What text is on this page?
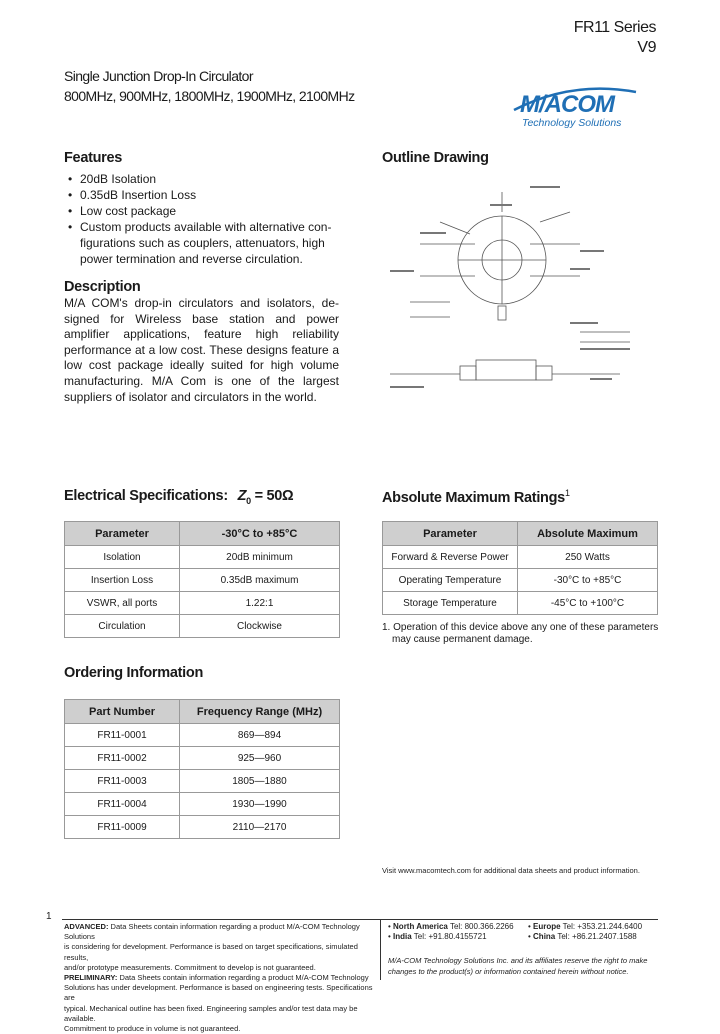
FR11 Series
V9
Single Junction Drop-In Circulator
800MHz, 900MHz, 1800MHz, 1900MHz, 2100MHz	M/ACOM
Technology Solutions
Features
• 20dB Isolation
• 0.35dB Insertion Loss
• Low cost package
• Custom products available with alternative con-
figurations such as couplers, attenuators, high
power termination and reverse circulation.
Description
M/A COM's drop-in circulators and isolators, de-signed for Wireless base station and power amplifier applications, feature high reliability performance at a low cost. These designs feature a low cost package ideally suited for high volume manufacturing. M/A Com is one of the largest suppliers of isolator and circulators in the world.
Outline Drawing
Electrical Specifications: $Z_0 = 50\Omega$
Parameter	-30°C to +85°C
Isolation	20dB minimum
Insertion Loss	0.35dB maximum
VSWR, all ports	1.22:1
Circulation	Clockwise
Absolute Maximum Ratings$^1$
Parameter	Absolute Maximum
Forward & Reverse Power	250 Watts
Operating Temperature	-30°C to +85°C
Storage Temperature	-45°C to +100°C
1. Operation of this device above any one of these parameters
may cause permanent damage.
Ordering Information
Part Number	Frequency Range (MHz)
FR11-0001	869—894
FR11-0002	925—960
FR11-0003	1805—1880
FR11-0004	1930—1990
FR11-0009	2110—2170
Visit www.macomtech.com for additional data sheets and product information.
1
ADVANCED: Data Sheets contain information regarding a product M/A-COM Technology Solutions
is considering for development. Performance is based on target specifications, simulated results,
and/or prototype measurements. Commitment to develop is not guaranteed.
PRELIMINARY: Data Sheets contain information regarding a product M/A-COM Technology
Solutions has under development. Performance is based on engineering tests. Specifications are
typical. Mechanical outline has been fixed. Engineering samples and/or test data may be available.
Commitment to produce in volume is not guaranteed.
• North America Tel: 800.366.2266	• Europe Tel: +353.21.244.6400
• India Tel: +91.80.4155721	• China Tel: +86.21.2407.1588
M/A-COM Technology Solutions Inc. and its affiliates reserve the right to make
changes to the product(s) or information contained herein without notice.
